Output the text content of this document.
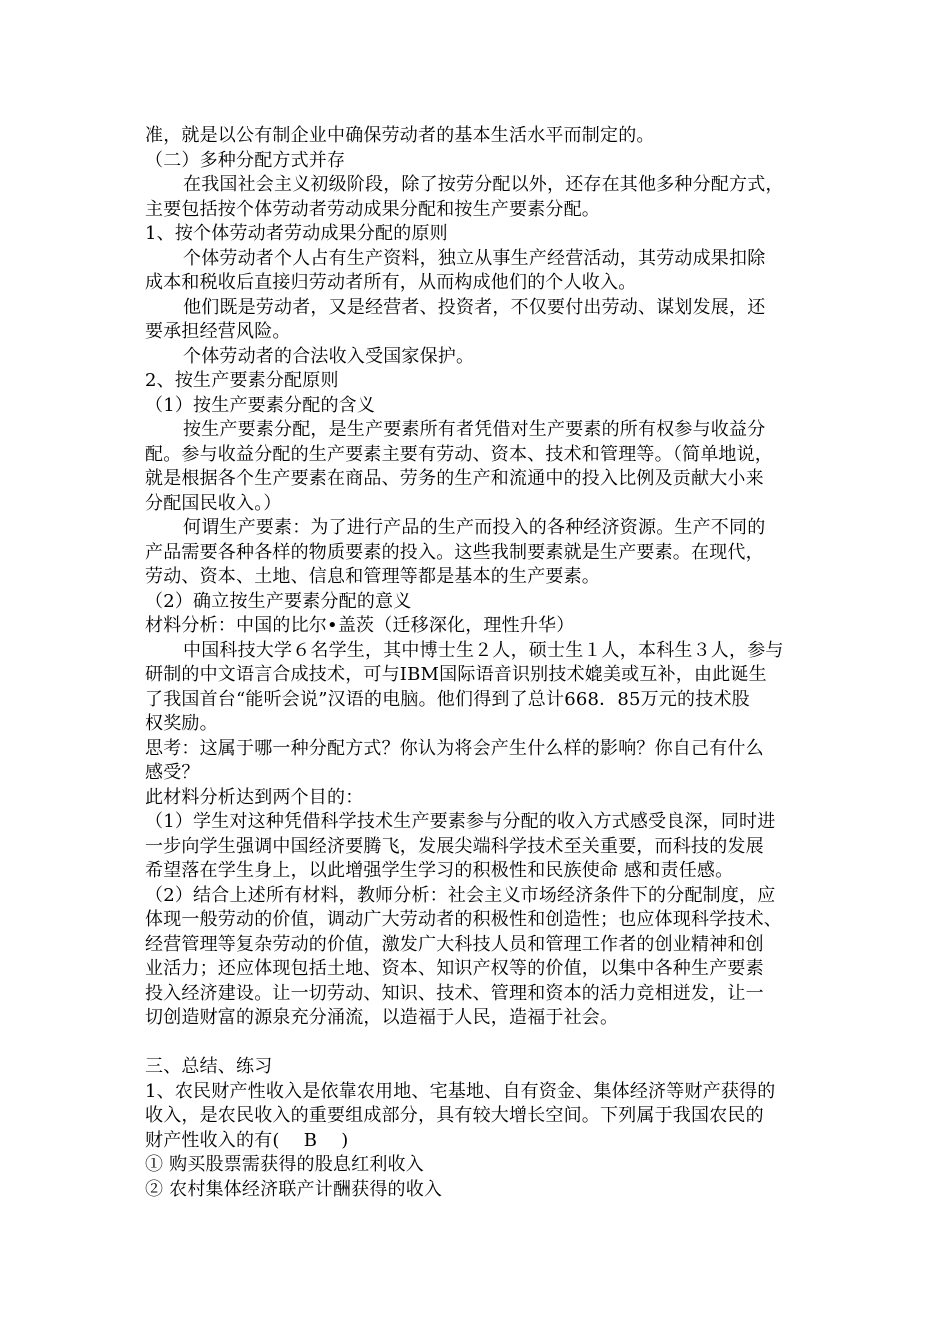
准，就是以公有制企业中确保劳动者的基本生活水平而制定的。
（二）多种分配方式并存
在我国社会主义初级阶段，除了按劳分配以外，还存在其他多种分配方式，
主要包括按个体劳动者劳动成果分配和按生产要素分配。
1、按个体劳动者劳动成果分配的原则
个体劳动者个人占有生产资料，独立从事生产经营活动，其劳动成果扣除
成本和税收后直接归劳动者所有，从而构成他们的个人收入。
他们既是劳动者，又是经营者、投资者，不仅要付出劳动、谋划发展，还
要承担经营风险。
个体劳动者的合法收入受国家保护。
2、按生产要素分配原则
（1）按生产要素分配的含义
按生产要素分配，是生产要素所有者凭借对生产要素的所有权参与收益分
配。参与收益分配的生产要素主要有劳动、资本、技术和管理等。（简单地说，
就是根据各个生产要素在商品、劳务的生产和流通中的投入比例及贡献大小来
分配国民收入。）
何谓生产要素：为了进行产品的生产而投入的各种经济资源。生产不同的
产品需要各种各样的物质要素的投入。这些我制要素就是生产要素。在现代，
劳动、资本、土地、信息和管理等都是基本的生产要素。
（2）确立按生产要素分配的意义
材料分析：中国的比尔•盖茨（迁移深化，理性升华）
中国科技大学６名学生，其中博士生２人，硕士生１人，本科生３人，参与
研制的中文语言合成技术，可与IBM国际语音识别技术媲美或互补，由此诞生
了我国首台“能听会说”汉语的电脑。他们得到了总计668．85万元的技术股
权奖励。
思考：这属于哪一种分配方式？你认为将会产生什么样的影响？你自己有什么
感受？
此材料分析达到两个目的：
（1）学生对这种凭借科学技术生产要素参与分配的收入方式感受良深，同时进
一步向学生强调中国经济要腾飞，发展尖端科学技术至关重要，而科技的发展
希望落在学生身上，以此增强学生学习的积极性和民族使命 感和责任感。
（2）结合上述所有材料，教师分析：社会主义市场经济条件下的分配制度，应
体现一般劳动的价值，调动广大劳动者的积极性和创造性；也应体现科学技术、
经营管理等复杂劳动的价值，激发广大科技人员和管理工作者的创业精神和创
业活力；还应体现包括土地、资本、知识产权等的价值，以集中各种生产要素
投入经济建设。让一切劳动、知识、技术、管理和资本的活力竞相迸发，让一
切创造财富的源泉充分涌流，以造福于人民，造福于社会。
三、总结、练习
1、农民财产性收入是依靠农用地、宅基地、自有资金、集体经济等财产获得的
收入，是农民收入的重要组成部分，具有较大增长空间。下列属于我国农民的
财产性收入的有(　 B　 )
① 购买股票需获得的股息红利收入
② 农村集体经济联产计酬获得的收入
